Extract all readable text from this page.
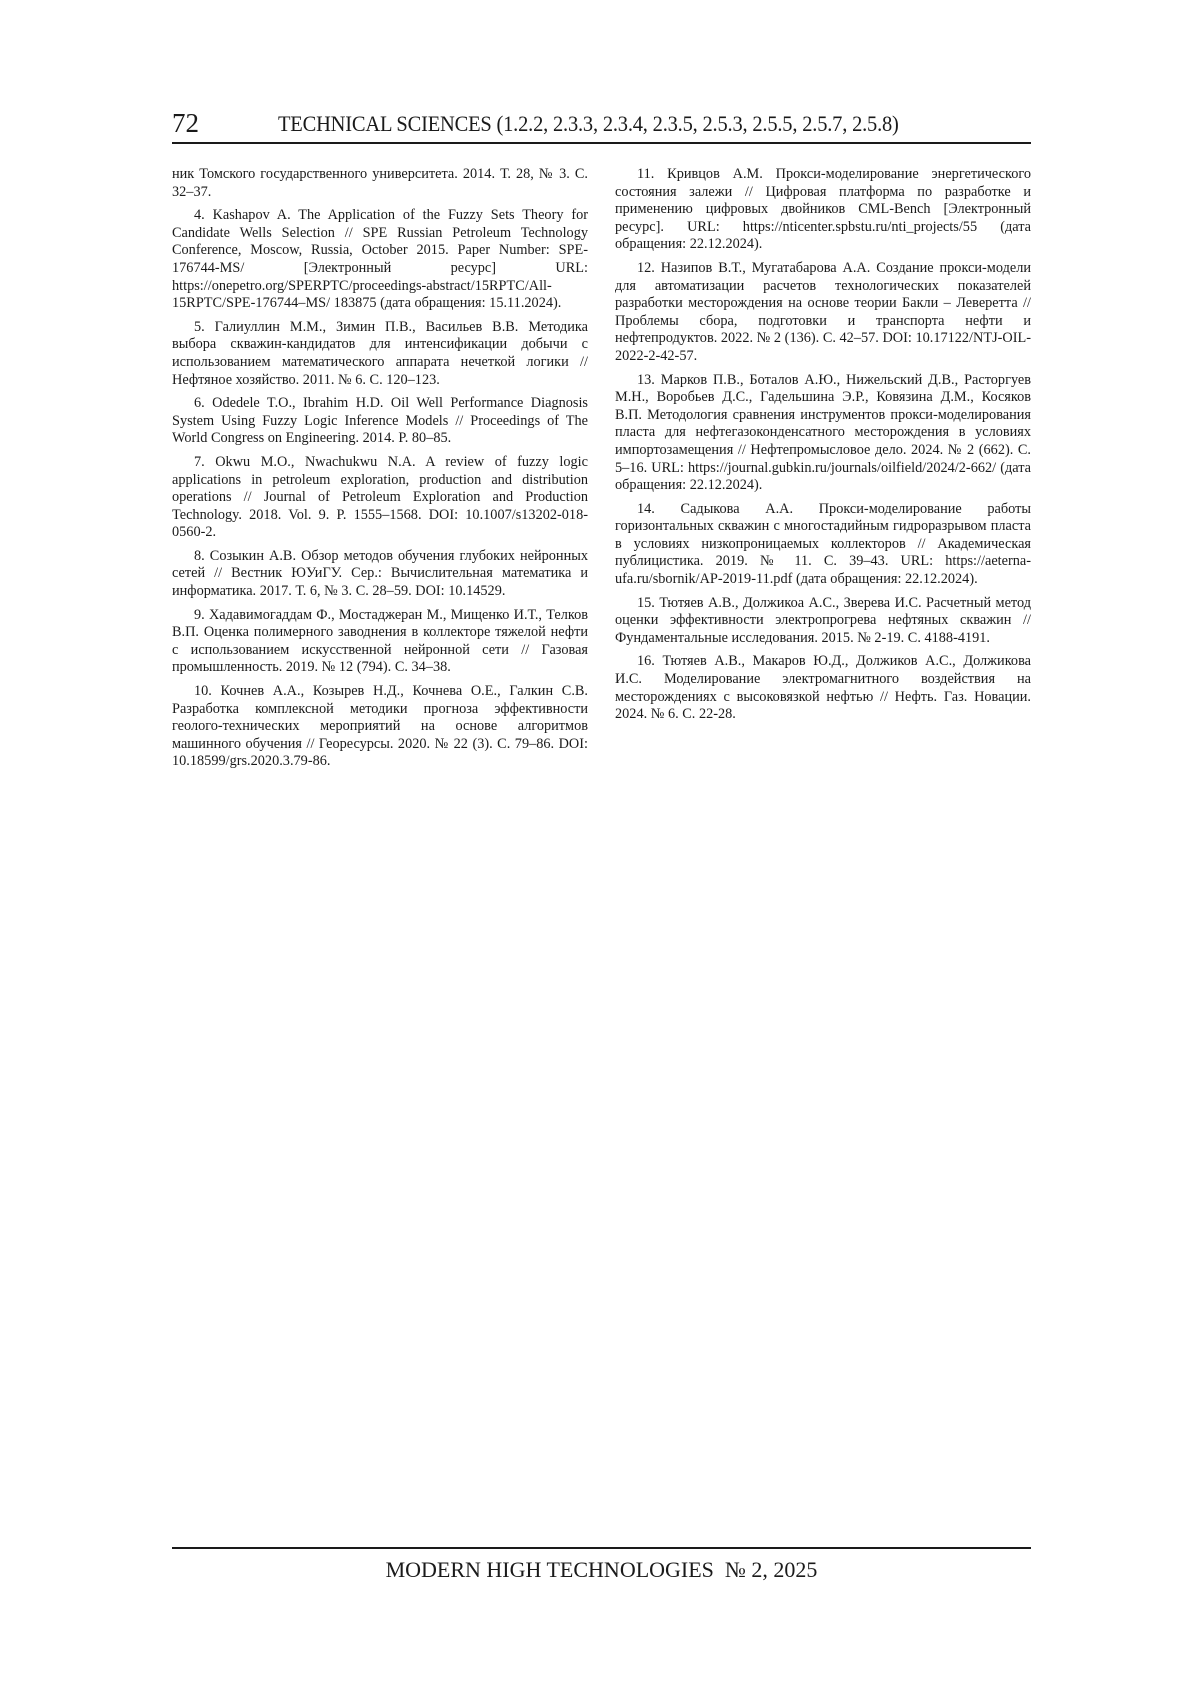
72	TECHNICAL SCIENCES (1.2.2, 2.3.3, 2.3.4, 2.3.5, 2.5.3, 2.5.5, 2.5.7, 2.5.8)

ник Томского государственного университета. 2014. Т. 28, № 3. С. 32–37.

4. Kashapov A. The Application of the Fuzzy Sets Theory for Candidate Wells Selection // SPE Russian Petroleum Technology Conference, Moscow, Russia, October 2015. Paper Number: SPE-176744-MS/ [Электронный ресурс] URL: https://onepetro.org/SPERPTC/proceedings-abstract/15RPTC/All-15RPTC/SPE-176744–MS/ 183875 (дата обращения: 15.11.2024).

5. Галиуллин М.М., Зимин П.В., Васильев В.В. Методика выбора скважин-кандидатов для интенсификации добычи с использованием математического аппарата нечеткой логики // Нефтяное хозяйство. 2011. № 6. С. 120–123.

6. Odedele T.O., Ibrahim H.D. Oil Well Performance Diagnosis System Using Fuzzy Logic Inference Models // Proceedings of The World Congress on Engineering. 2014. P. 80–85.

7. Okwu M.O., Nwachukwu N.A. A review of fuzzy logic applications in petroleum exploration, production and distribution operations // Journal of Petroleum Exploration and Production Technology. 2018. Vol. 9. P. 1555–1568. DOI: 10.1007/s13202-018-0560-2.

8. Созыкин А.В. Обзор методов обучения глубоких нейронных сетей // Вестник ЮУиГУ. Сер.: Вычислительная математика и информатика. 2017. Т. 6, № 3. С. 28–59. DOI: 10.14529.

9. Хадавимогаддам Ф., Мостаджеран М., Мищенко И.Т., Телков В.П. Оценка полимерного заводнения в коллекторе тяжелой нефти с использованием искусственной нейронной сети // Газовая промышленность. 2019. № 12 (794). С. 34–38.

10. Кочнев А.А., Козырев Н.Д., Кочнева О.Е., Галкин С.В. Разработка комплексной методики прогноза эффективности геолого-технических мероприятий на основе алгоритмов машинного обучения // Георесурсы. 2020. № 22 (3). С. 79–86. DOI: 10.18599/grs.2020.3.79-86.

11. Кривцов А.М. Прокси-моделирование энергетического состояния залежи // Цифровая платформа по разработке и применению цифровых двойников CML-Bench [Электронный ресурс]. URL: https://nticenter.spbstu.ru/nti_projects/55 (дата обращения: 22.12.2024).

12. Назипов В.Т., Мугатабарова А.А. Создание прокси-модели для автоматизации расчетов технологических показателей разработки месторождения на основе теории Бакли – Леверетта // Проблемы сбора, подготовки и транспорта нефти и нефтепродуктов. 2022. № 2 (136). С. 42–57. DOI: 10.17122/NTJ-OIL-2022-2-42-57.

13. Марков П.В., Боталов А.Ю., Нижельский Д.В., Расторгуев М.Н., Воробьев Д.С., Гадельшина Э.Р., Ковязина Д.М., Косяков В.П. Методология сравнения инструментов прокси-моделирования пласта для нефтегазоконденсатного месторождения в условиях импортозамещения // Нефтепромысловое дело. 2024. № 2 (662). С. 5–16. URL: https://journal.gubkin.ru/journals/oilfield/2024/2-662/ (дата обращения: 22.12.2024).

14. Садыкова А.А. Прокси-моделирование работы горизонтальных скважин с многостадийным гидроразрывом пласта в условиях низкопроницаемых коллекторов // Академическая публицистика. 2019. № 11. С. 39–43. URL: https://aeterna-ufa.ru/sbornik/AP-2019-11.pdf (дата обращения: 22.12.2024).

15. Тютяев А.В., Должикоа А.С., Зверева И.С. Расчетный метод оценки эффективности электропрогрева нефтяных скважин // Фундаментальные исследования. 2015. № 2-19. С. 4188-4191.

16. Тютяев А.В., Макаров Ю.Д., Должиков А.С., Должикова И.С. Моделирование электромагнитного воздействия на месторождениях с высоковязкой нефтью // Нефть. Газ. Новации. 2024. № 6. С. 22-28.

MODERN HIGH TECHNOLOGIES  № 2, 2025
